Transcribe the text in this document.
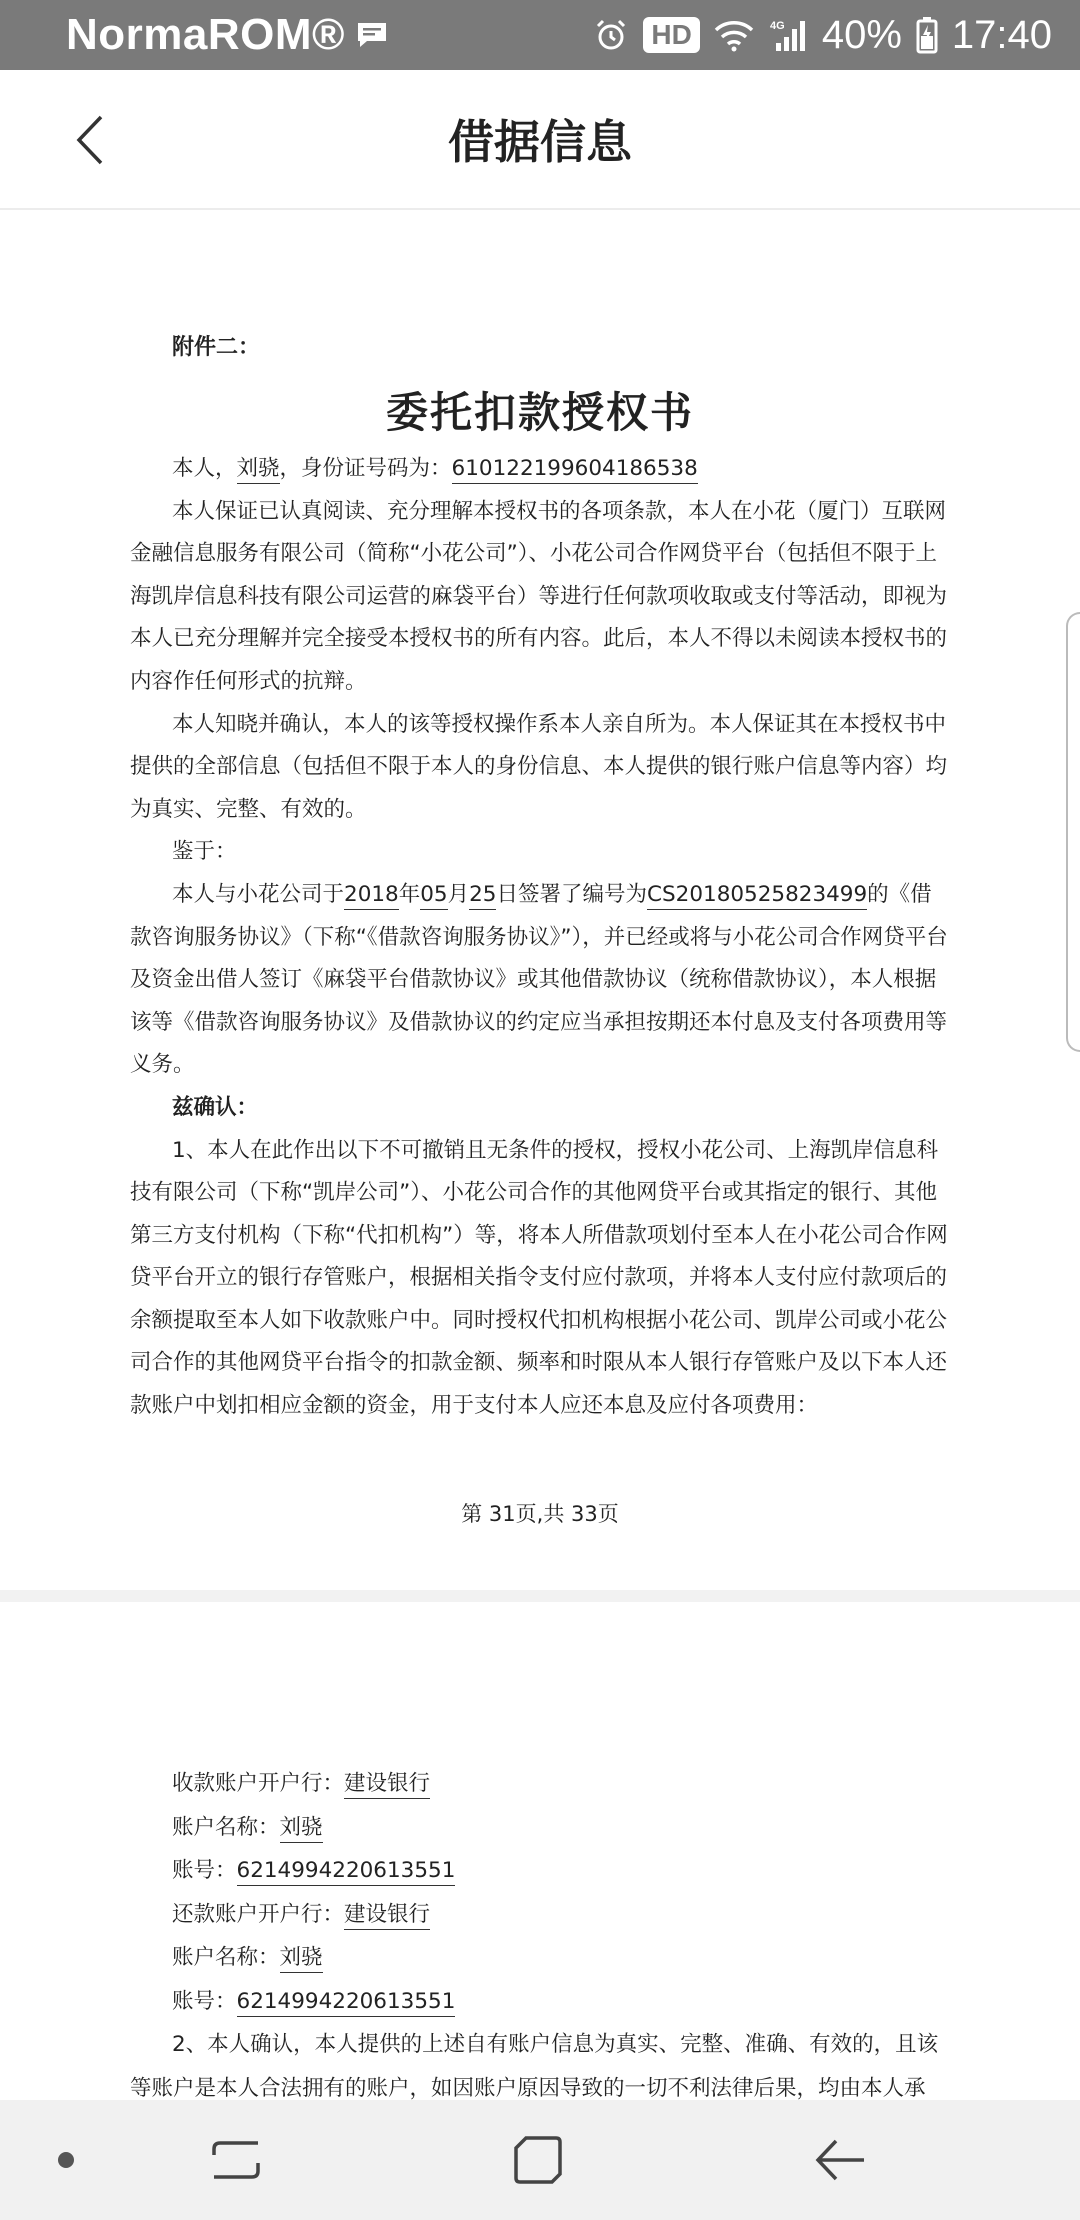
NormaROM®	HD	4G 40% 17:40
借据信息
附件二：
委托扣款授权书

本人，刘骁，身份证号码为：610122199604186538

本人保证已认真阅读、充分理解本授权书的各项条款，本人在小花（厦门）互联网金融信息服务有限公司（简称“小花公司”）、小花公司合作网贷平台（包括但不限于上海凯岸信息科技有限公司运营的麻袋平台）等进行任何款项收取或支付等活动，即视为本人已充分理解并完全接受本授权书的所有内容。此后，本人不得以未阅读本授权书的内容作任何形式的抗辩。

本人知晓并确认，本人的该等授权操作系本人亲自所为。本人保证其在本授权书中提供的全部信息（包括但不限于本人的身份信息、本人提供的银行账户信息等内容）均为真实、完整、有效的。

鉴于：

本人与小花公司于2018年05月25日签署了编号为CS20180525823499的《借款咨询服务协议》（下称“《借款咨询服务协议》”），并已经或将与小花公司合作网贷平台及资金出借人签订《麻袋平台借款协议》或其他借款协议（统称借款协议），本人根据该等《借款咨询服务协议》及借款协议的约定应当承担按期还本付息及支付各项费用等义务。

兹确认：

1、本人在此作出以下不可撤销且无条件的授权，授权小花公司、上海凯岸信息科技有限公司（下称“凯岸公司”）、小花公司合作的其他网贷平台或其指定的银行、其他第三方支付机构（下称“代扣机构”）等，将本人所借款项划付至本人在小花公司合作网贷平台开立的银行存管账户，根据相关指令支付应付款项，并将本人支付应付款项后的余额提取至本人如下收款账户中。同时授权代扣机构根据小花公司、凯岸公司或小花公司合作的其他网贷平台指令的扣款金额、频率和时限从本人银行存管账户及以下本人还款账户中划扣相应金额的资金，用于支付本人应还本息及应付各项费用：

第 31页,共 33页

收款账户开户行：建设银行

账户名称：刘骁

账号：6214994220613551

还款账户开户行：建设银行

账户名称：刘骁

账号：6214994220613551

2、本人确认，本人提供的上述自有账户信息为真实、完整、准确、有效的，且该等账户是本人合法拥有的账户，如因账户原因导致的一切不利法律后果，均由本人承
